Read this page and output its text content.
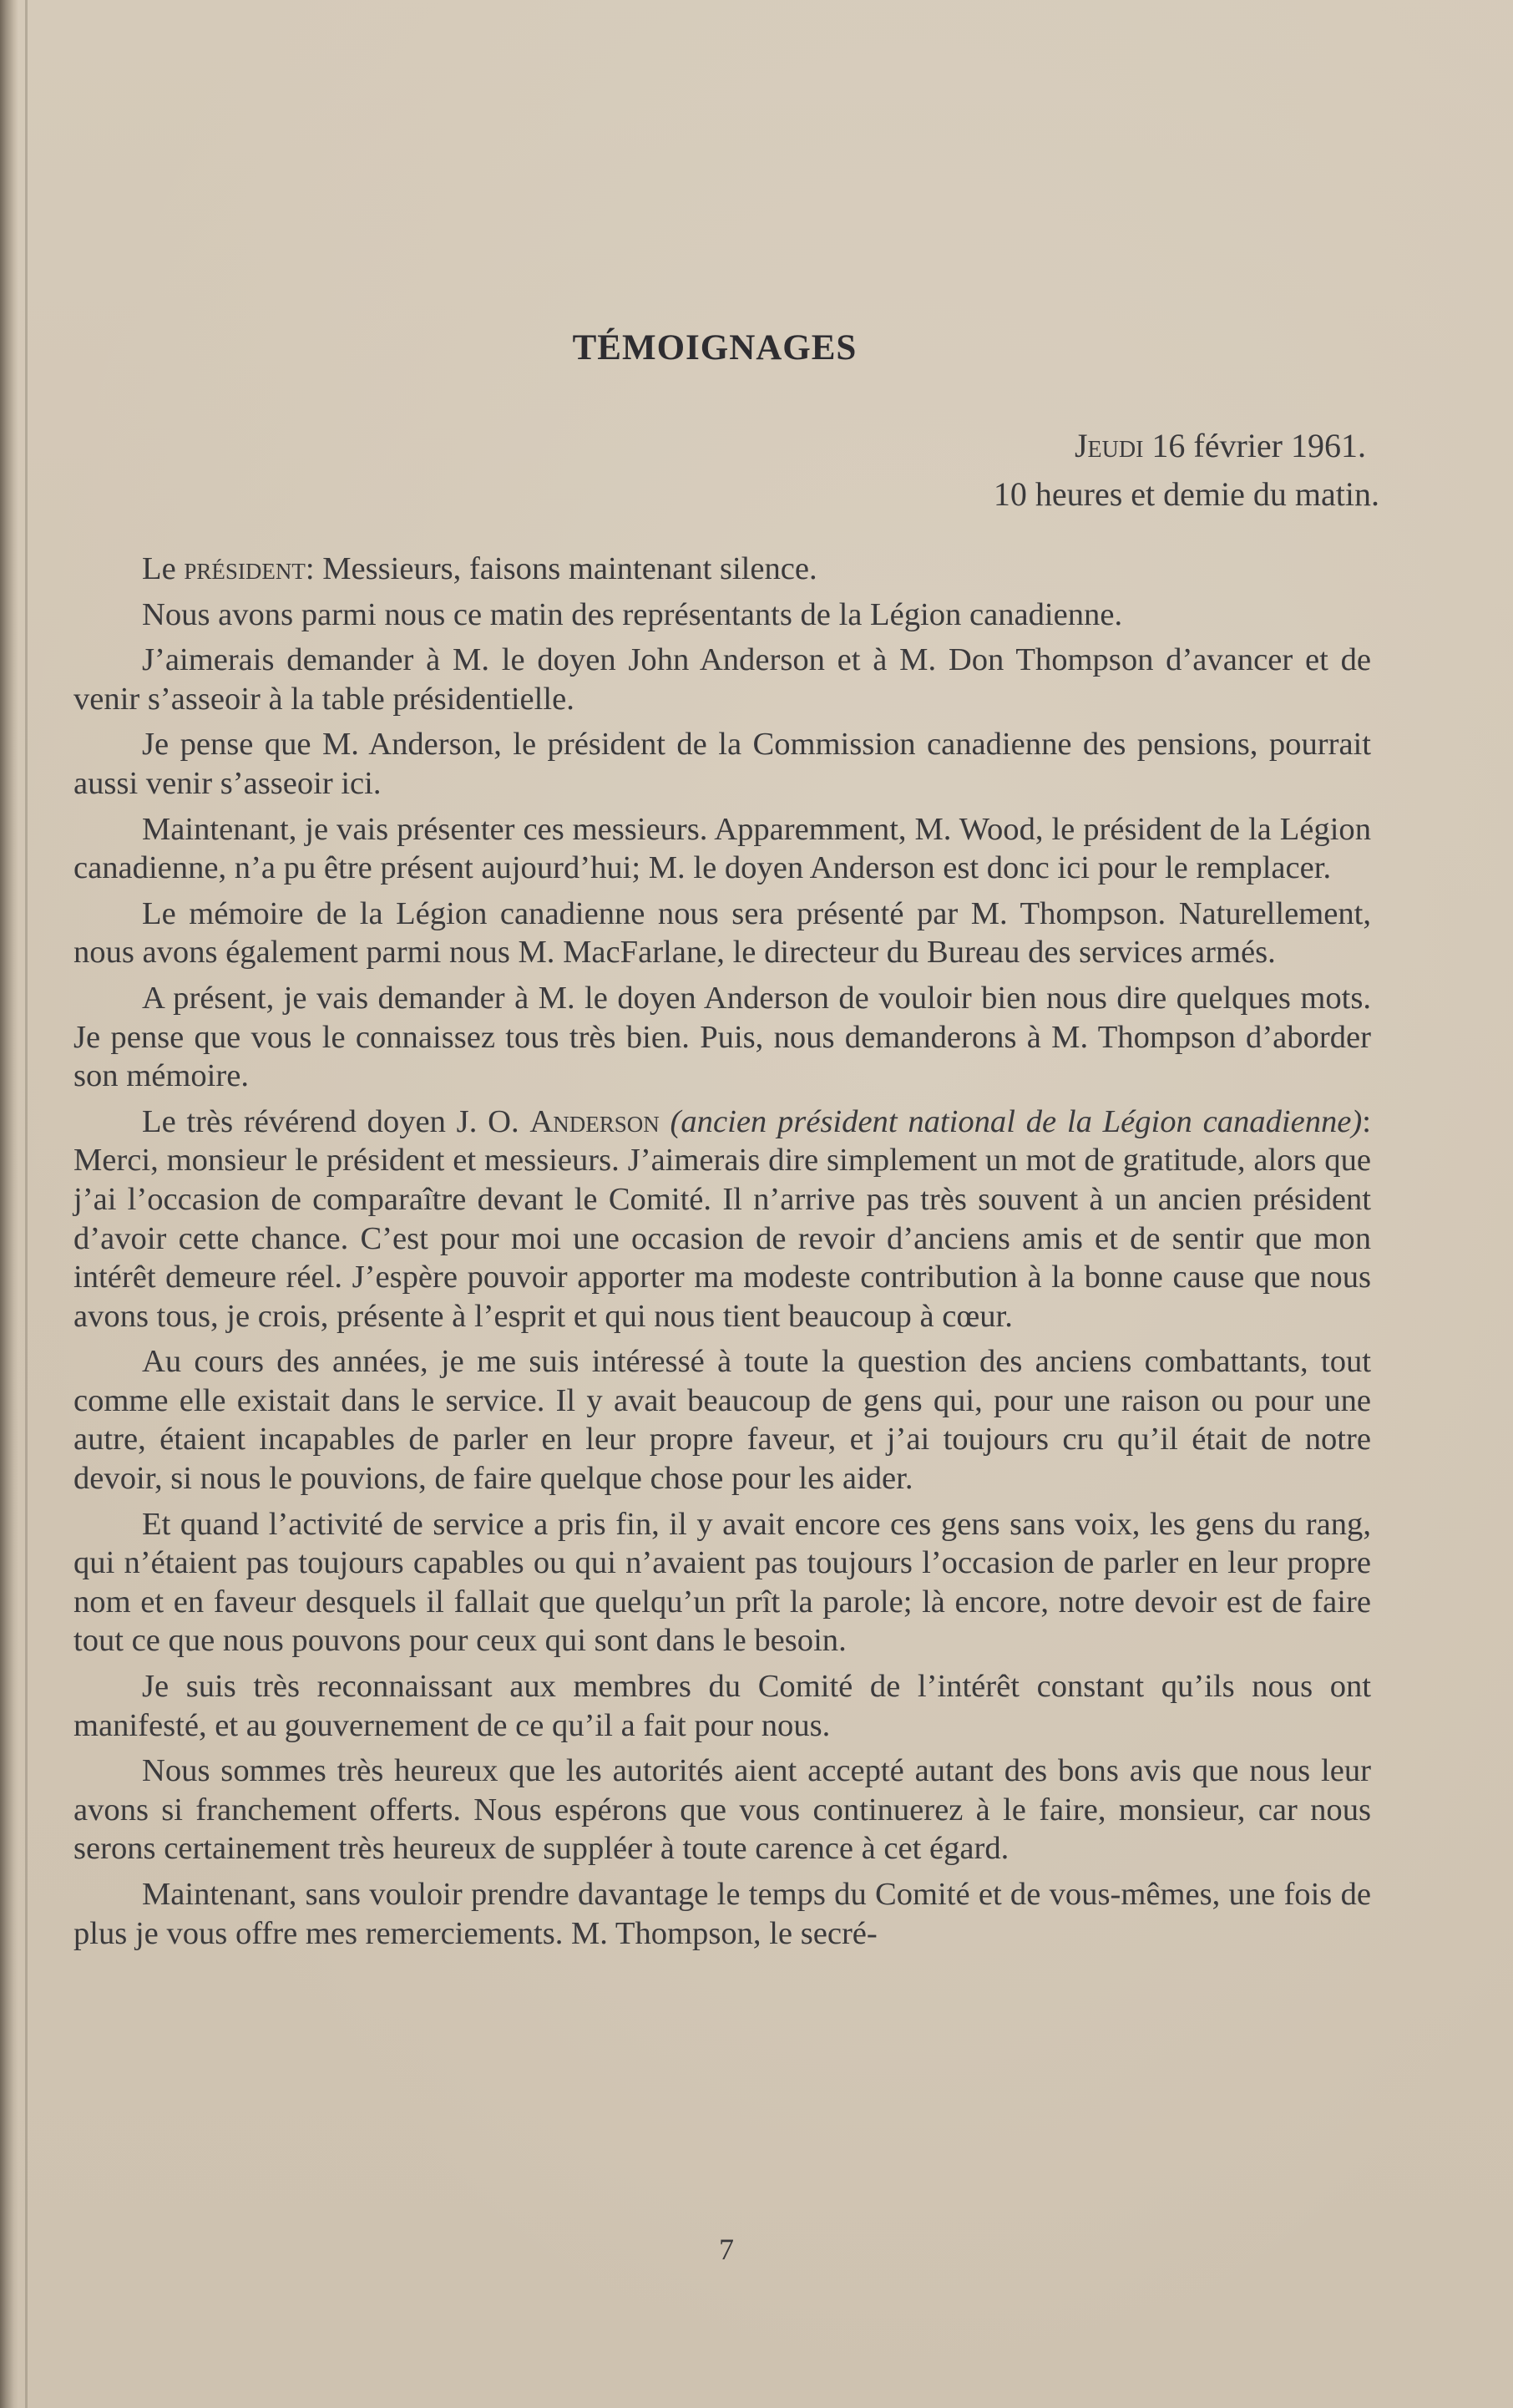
TÉMOIGNAGES
Jeudi 16 février 1961.
10 heures et demie du matin.

Le président: Messieurs, faisons maintenant silence.

Nous avons parmi nous ce matin des représentants de la Légion canadienne.

J’aimerais demander à M. le doyen John Anderson et à M. Don Thompson d’avancer et de venir s’asseoir à la table présidentielle.

Je pense que M. Anderson, le président de la Commission canadienne des pensions, pourrait aussi venir s’asseoir ici.

Maintenant, je vais présenter ces messieurs. Apparemment, M. Wood, le président de la Légion canadienne, n’a pu être présent aujourd’hui; M. le doyen Anderson est donc ici pour le remplacer.

Le mémoire de la Légion canadienne nous sera présenté par M. Thompson. Naturellement, nous avons également parmi nous M. MacFarlane, le directeur du Bureau des services armés.

A présent, je vais demander à M. le doyen Anderson de vouloir bien nous dire quelques mots. Je pense que vous le connaissez tous très bien. Puis, nous demanderons à M. Thompson d’aborder son mémoire.

Le très révérend doyen J. O. Anderson (ancien président national de la Légion canadienne): Merci, monsieur le président et messieurs. J’aimerais dire simplement un mot de gratitude, alors que j’ai l’occasion de comparaître devant le Comité. Il n’arrive pas très souvent à un ancien président d’avoir cette chance. C’est pour moi une occasion de revoir d’anciens amis et de sentir que mon intérêt demeure réel. J’espère pouvoir apporter ma modeste contribution à la bonne cause que nous avons tous, je crois, présente à l’esprit et qui nous tient beaucoup à cœur.

Au cours des années, je me suis intéressé à toute la question des anciens combattants, tout comme elle existait dans le service. Il y avait beaucoup de gens qui, pour une raison ou pour une autre, étaient incapables de parler en leur propre faveur, et j’ai toujours cru qu’il était de notre devoir, si nous le pouvions, de faire quelque chose pour les aider.

Et quand l’activité de service a pris fin, il y avait encore ces gens sans voix, les gens du rang, qui n’étaient pas toujours capables ou qui n’avaient pas toujours l’occasion de parler en leur propre nom et en faveur desquels il fallait que quelqu’un prît la parole; là encore, notre devoir est de faire tout ce que nous pouvons pour ceux qui sont dans le besoin.

Je suis très reconnaissant aux membres du Comité de l’intérêt constant qu’ils nous ont manifesté, et au gouvernement de ce qu’il a fait pour nous.

Nous sommes très heureux que les autorités aient accepté autant des bons avis que nous leur avons si franchement offerts. Nous espérons que vous continuerez à le faire, monsieur, car nous serons certainement très heureux de suppléer à toute carence à cet égard.

Maintenant, sans vouloir prendre davantage le temps du Comité et de vous-mêmes, une fois de plus je vous offre mes remerciements. M. Thompson, le secré-

7
